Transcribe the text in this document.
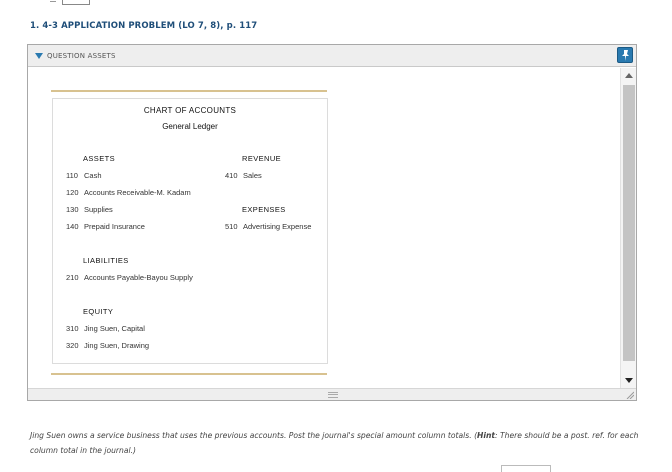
1. 4-3 APPLICATION PROBLEM (LO 7, 8), p. 117
QUESTION ASSETS
CHART OF ACCOUNTS
General Ledger
ASSETS
110 Cash
120 Accounts Receivable-M. Kadam
130 Supplies
140 Prepaid Insurance
LIABILITIES
210 Accounts Payable-Bayou Supply
EQUITY
310 Jing Suen, Capital
320 Jing Suen, Drawing
REVENUE
410 Sales
EXPENSES
510 Advertising Expense
Jing Suen owns a service business that uses the previous accounts. Post the journal's special amount column totals. (Hint: There should be a post. ref. for each column total in the journal.)
